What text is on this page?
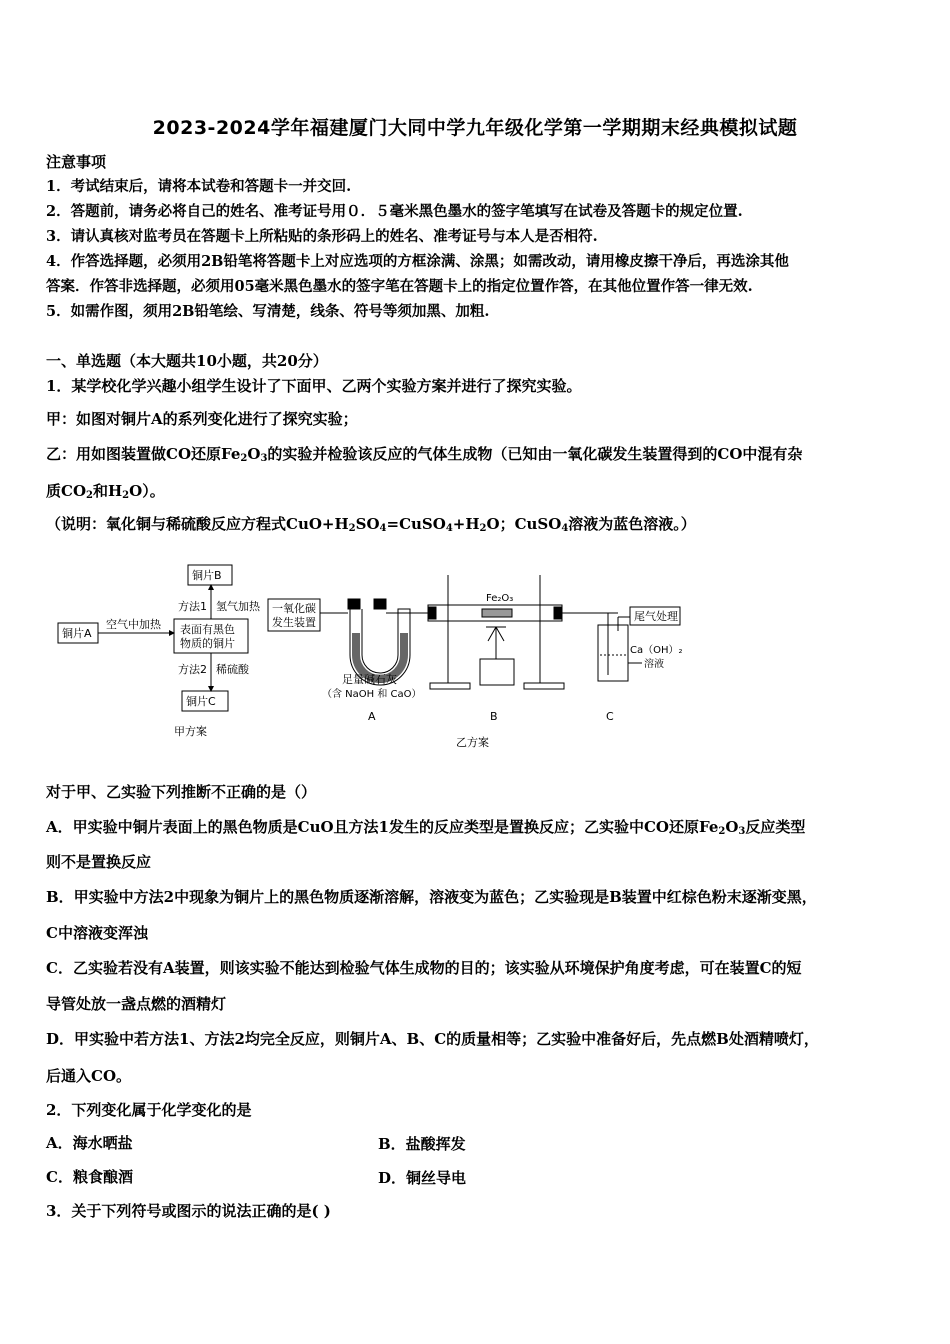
2023-2024学年福建厦门大同中学九年级化学第一学期期末经典模拟试题
注意事项
1．考试结束后，请将本试卷和答题卡一并交回.
2．答题前，请务必将自己的姓名、准考证号用０．５毫米黑色墨水的签字笔填写在试卷及答题卡的规定位置.
3．请认真核对监考员在答题卡上所粘贴的条形码上的姓名、准考证号与本人是否相符.
4．作答选择题，必须用2B铅笔将答题卡上对应选项的方框涂满、涂黑；如需改动，请用橡皮擦干净后，再选涂其他
答案．作答非选择题，必须用05毫米黑色墨水的签字笔在答题卡上的指定位置作答，在其他位置作答一律无效.
5．如需作图，须用2B铅笔绘、写清楚，线条、符号等须加黑、加粗.
一、单选题（本大题共10小题，共20分）
1．某学校化学兴趣小组学生设计了下面甲、乙两个实验方案并进行了探究实验。
甲：如图对铜片A的系列变化进行了探究实验；
乙：用如图装置做CO还原$Fe_2O_3$的实验并检验该反应的气体生成物（已知由一氧化碳发生装置得到的CO中混有杂
质$CO_2$和$H_2O$）。
（说明：氧化铜与稀硫酸反应方程式$CuO+H_2SO_4=CuSO_4+H_2O$；CuSO$_4$溶液为蓝色溶液。）
铜片A
空气中加热 表面有黑色
物质的铜片
方法1 氢气加热
方法2 稀硫酸
铜片B
铜片C
甲方案
一氧化碳
发生装置
足量碱石灰
（含 NaOH 和 CaO）
Fe₂O₃
尾气处理
Ca（OH）₂
溶液
A	B	C
乙方案
对于甲、乙实验下列推断不正确的是（）
A．甲实验中铜片表面上的黑色物质是CuO且方法1发生的反应类型是置换反应；乙实验中CO还原$Fe_2O_3$反应类型
则不是置换反应
B．甲实验中方法2中现象为铜片上的黑色物质逐渐溶解，溶液变为蓝色；乙实验现是B装置中红棕色粉末逐渐变黑，
C中溶液变浑浊
C．乙实验若没有A装置，则该实验不能达到检验气体生成物的目的；该实验从环境保护角度考虑，可在装置C的短
导管处放一盏点燃的酒精灯
D．甲实验中若方法1、方法2均完全反应，则铜片A、B、C的质量相等；乙实验中准备好后，先点燃B处酒精喷灯，
后通入CO。
2．下列变化属于化学变化的是
A．海水晒盐	B．盐酸挥发
C．粮食酿酒	D．铜丝导电
3．关于下列符号或图示的说法正确的是( )
